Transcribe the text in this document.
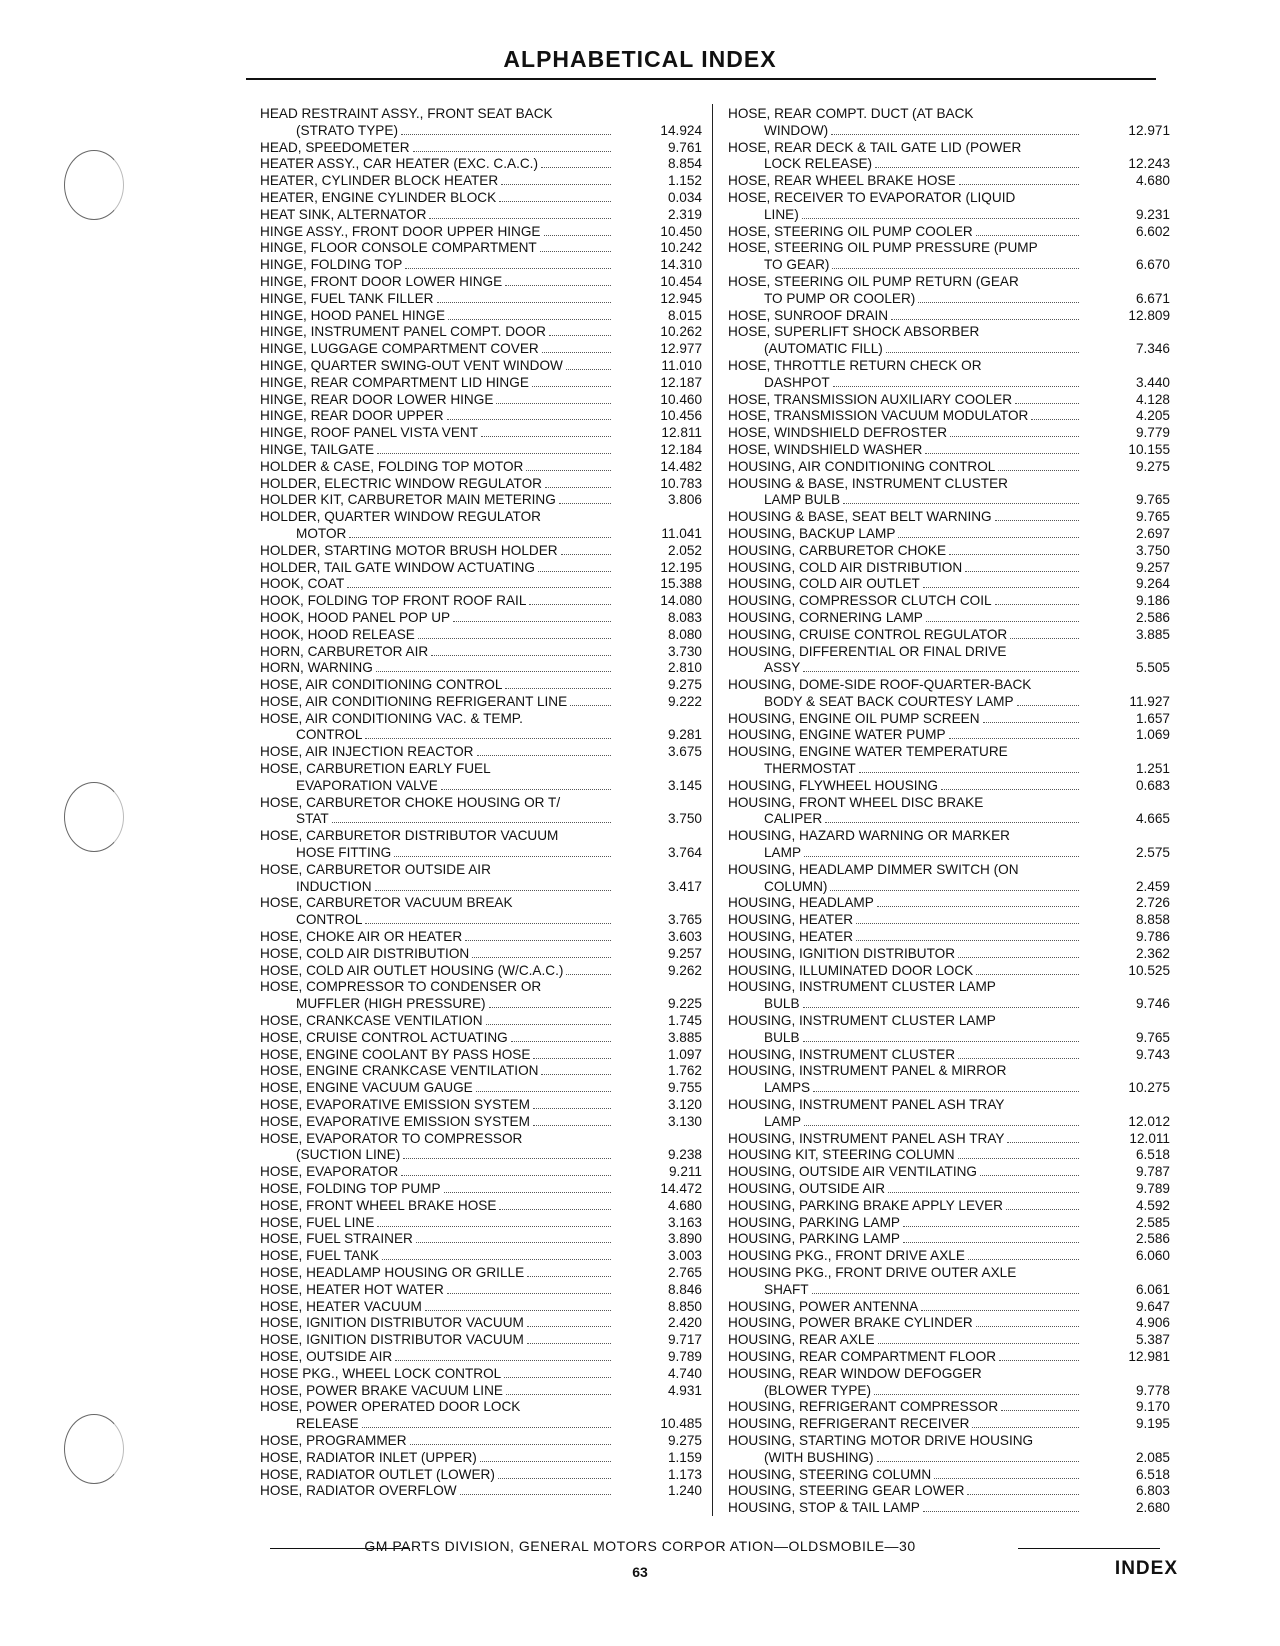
ALPHABETICAL INDEX
HEAD RESTRAINT ASSY., FRONT SEAT BACK
(STRATO TYPE)	14.924
HEAD, SPEEDOMETER	9.761
HEATER ASSY., CAR HEATER (EXC. C.A.C.)	8.854
HEATER, CYLINDER BLOCK HEATER	1.152
HEATER, ENGINE CYLINDER BLOCK	0.034
HEAT SINK, ALTERNATOR	2.319
HINGE ASSY., FRONT DOOR UPPER HINGE	10.450
HINGE, FLOOR CONSOLE COMPARTMENT	10.242
HINGE, FOLDING TOP	14.310
HINGE, FRONT DOOR LOWER HINGE	10.454
HINGE, FUEL TANK FILLER	12.945
HINGE, HOOD PANEL HINGE	8.015
HINGE, INSTRUMENT PANEL COMPT. DOOR	10.262
HINGE, LUGGAGE COMPARTMENT COVER	12.977
HINGE, QUARTER SWING-OUT VENT WINDOW	11.010
HINGE, REAR COMPARTMENT LID HINGE	12.187
HINGE, REAR DOOR LOWER HINGE	10.460
HINGE, REAR DOOR UPPER	10.456
HINGE, ROOF PANEL VISTA VENT	12.811
HINGE, TAILGATE	12.184
HOLDER & CASE, FOLDING TOP MOTOR	14.482
HOLDER, ELECTRIC WINDOW REGULATOR	10.783
HOLDER KIT, CARBURETOR MAIN METERING	3.806
HOLDER, QUARTER WINDOW REGULATOR
MOTOR	11.041
HOLDER, STARTING MOTOR BRUSH HOLDER	2.052
HOLDER, TAIL GATE WINDOW ACTUATING	12.195
HOOK, COAT	15.388
HOOK, FOLDING TOP FRONT ROOF RAIL	14.080
HOOK, HOOD PANEL POP UP	8.083
HOOK, HOOD RELEASE	8.080
HORN, CARBURETOR AIR	3.730
HORN, WARNING	2.810
HOSE, AIR CONDITIONING CONTROL	9.275
HOSE, AIR CONDITIONING REFRIGERANT LINE	9.222
HOSE, AIR CONDITIONING VAC. & TEMP.
CONTROL	9.281
HOSE, AIR INJECTION REACTOR	3.675
HOSE, CARBURETION EARLY FUEL
EVAPORATION VALVE	3.145
HOSE, CARBURETOR CHOKE HOUSING OR T/
STAT	3.750
HOSE, CARBURETOR DISTRIBUTOR VACUUM
HOSE FITTING	3.764
HOSE, CARBURETOR OUTSIDE AIR
INDUCTION	3.417
HOSE, CARBURETOR VACUUM BREAK
CONTROL	3.765
HOSE, CHOKE AIR OR HEATER	3.603
HOSE, COLD AIR DISTRIBUTION	9.257
HOSE, COLD AIR OUTLET HOUSING (W/C.A.C.)	9.262
HOSE, COMPRESSOR TO CONDENSER OR
MUFFLER (HIGH PRESSURE)	9.225
HOSE, CRANKCASE VENTILATION	1.745
HOSE, CRUISE CONTROL ACTUATING	3.885
HOSE, ENGINE COOLANT BY PASS HOSE	1.097
HOSE, ENGINE CRANKCASE VENTILATION	1.762
HOSE, ENGINE VACUUM GAUGE	9.755
HOSE, EVAPORATIVE EMISSION SYSTEM	3.120
HOSE, EVAPORATIVE EMISSION SYSTEM	3.130
HOSE, EVAPORATOR TO COMPRESSOR
(SUCTION LINE)	9.238
HOSE, EVAPORATOR	9.211
HOSE, FOLDING TOP PUMP	14.472
HOSE, FRONT WHEEL BRAKE HOSE	4.680
HOSE, FUEL LINE	3.163
HOSE, FUEL STRAINER	3.890
HOSE, FUEL TANK	3.003
HOSE, HEADLAMP HOUSING OR GRILLE	2.765
HOSE, HEATER HOT WATER	8.846
HOSE, HEATER VACUUM	8.850
HOSE, IGNITION DISTRIBUTOR VACUUM	2.420
HOSE, IGNITION DISTRIBUTOR VACUUM	9.717
HOSE, OUTSIDE AIR	9.789
HOSE PKG., WHEEL LOCK CONTROL	4.740
HOSE, POWER BRAKE VACUUM LINE	4.931
HOSE, POWER OPERATED DOOR LOCK
RELEASE	10.485
HOSE, PROGRAMMER	9.275
HOSE, RADIATOR INLET (UPPER)	1.159
HOSE, RADIATOR OUTLET (LOWER)	1.173
HOSE, RADIATOR OVERFLOW	1.240
HOSE, REAR COMPT. DUCT (AT BACK
WINDOW)	12.971
HOSE, REAR DECK & TAIL GATE LID (POWER
LOCK RELEASE)	12.243
HOSE, REAR WHEEL BRAKE HOSE	4.680
HOSE, RECEIVER TO EVAPORATOR (LIQUID
LINE)	9.231
HOSE, STEERING OIL PUMP COOLER	6.602
HOSE, STEERING OIL PUMP PRESSURE (PUMP
TO GEAR)	6.670
HOSE, STEERING OIL PUMP RETURN (GEAR
TO PUMP OR COOLER)	6.671
HOSE, SUNROOF DRAIN	12.809
HOSE, SUPERLIFT SHOCK ABSORBER
(AUTOMATIC FILL)	7.346
HOSE, THROTTLE RETURN CHECK OR
DASHPOT	3.440
HOSE, TRANSMISSION AUXILIARY COOLER	4.128
HOSE, TRANSMISSION VACUUM MODULATOR	4.205
HOSE, WINDSHIELD DEFROSTER	9.779
HOSE, WINDSHIELD WASHER	10.155
HOUSING, AIR CONDITIONING CONTROL	9.275
HOUSING & BASE, INSTRUMENT CLUSTER
LAMP BULB	9.765
HOUSING & BASE, SEAT BELT WARNING	9.765
HOUSING, BACKUP LAMP	2.697
HOUSING, CARBURETOR CHOKE	3.750
HOUSING, COLD AIR DISTRIBUTION	9.257
HOUSING, COLD AIR OUTLET	9.264
HOUSING, COMPRESSOR CLUTCH COIL	9.186
HOUSING, CORNERING LAMP	2.586
HOUSING, CRUISE CONTROL REGULATOR	3.885
HOUSING, DIFFERENTIAL OR FINAL DRIVE
ASSY	5.505
HOUSING, DOME-SIDE ROOF-QUARTER-BACK
BODY & SEAT BACK COURTESY LAMP	11.927
HOUSING, ENGINE OIL PUMP SCREEN	1.657
HOUSING, ENGINE WATER PUMP	1.069
HOUSING, ENGINE WATER TEMPERATURE
THERMOSTAT	1.251
HOUSING, FLYWHEEL HOUSING	0.683
HOUSING, FRONT WHEEL DISC BRAKE
CALIPER	4.665
HOUSING, HAZARD WARNING OR MARKER
LAMP	2.575
HOUSING, HEADLAMP DIMMER SWITCH (ON
COLUMN)	2.459
HOUSING, HEADLAMP	2.726
HOUSING, HEATER	8.858
HOUSING, HEATER	9.786
HOUSING, IGNITION DISTRIBUTOR	2.362
HOUSING, ILLUMINATED DOOR LOCK	10.525
HOUSING, INSTRUMENT CLUSTER LAMP
BULB	9.746
HOUSING, INSTRUMENT CLUSTER LAMP
BULB	9.765
HOUSING, INSTRUMENT CLUSTER	9.743
HOUSING, INSTRUMENT PANEL & MIRROR
LAMPS	10.275
HOUSING, INSTRUMENT PANEL ASH TRAY
LAMP	12.012
HOUSING, INSTRUMENT PANEL ASH TRAY	12.011
HOUSING KIT, STEERING COLUMN	6.518
HOUSING, OUTSIDE AIR VENTILATING	9.787
HOUSING, OUTSIDE AIR	9.789
HOUSING, PARKING BRAKE APPLY LEVER	4.592
HOUSING, PARKING LAMP	2.585
HOUSING, PARKING LAMP	2.586
HOUSING PKG., FRONT DRIVE AXLE	6.060
HOUSING PKG., FRONT DRIVE OUTER AXLE
SHAFT	6.061
HOUSING, POWER ANTENNA	9.647
HOUSING, POWER BRAKE CYLINDER	4.906
HOUSING, REAR AXLE	5.387
HOUSING, REAR COMPARTMENT FLOOR	12.981
HOUSING, REAR WINDOW DEFOGGER
(BLOWER TYPE)	9.778
HOUSING, REFRIGERANT COMPRESSOR	9.170
HOUSING, REFRIGERANT RECEIVER	9.195
HOUSING, STARTING MOTOR DRIVE HOUSING
(WITH BUSHING)	2.085
HOUSING, STEERING COLUMN	6.518
HOUSING, STEERING GEAR LOWER	6.803
HOUSING, STOP & TAIL LAMP	2.680
GM PARTS DIVISION, GENERAL MOTORS CORPOR ATION—OLDSMOBILE—30
63	INDEX
